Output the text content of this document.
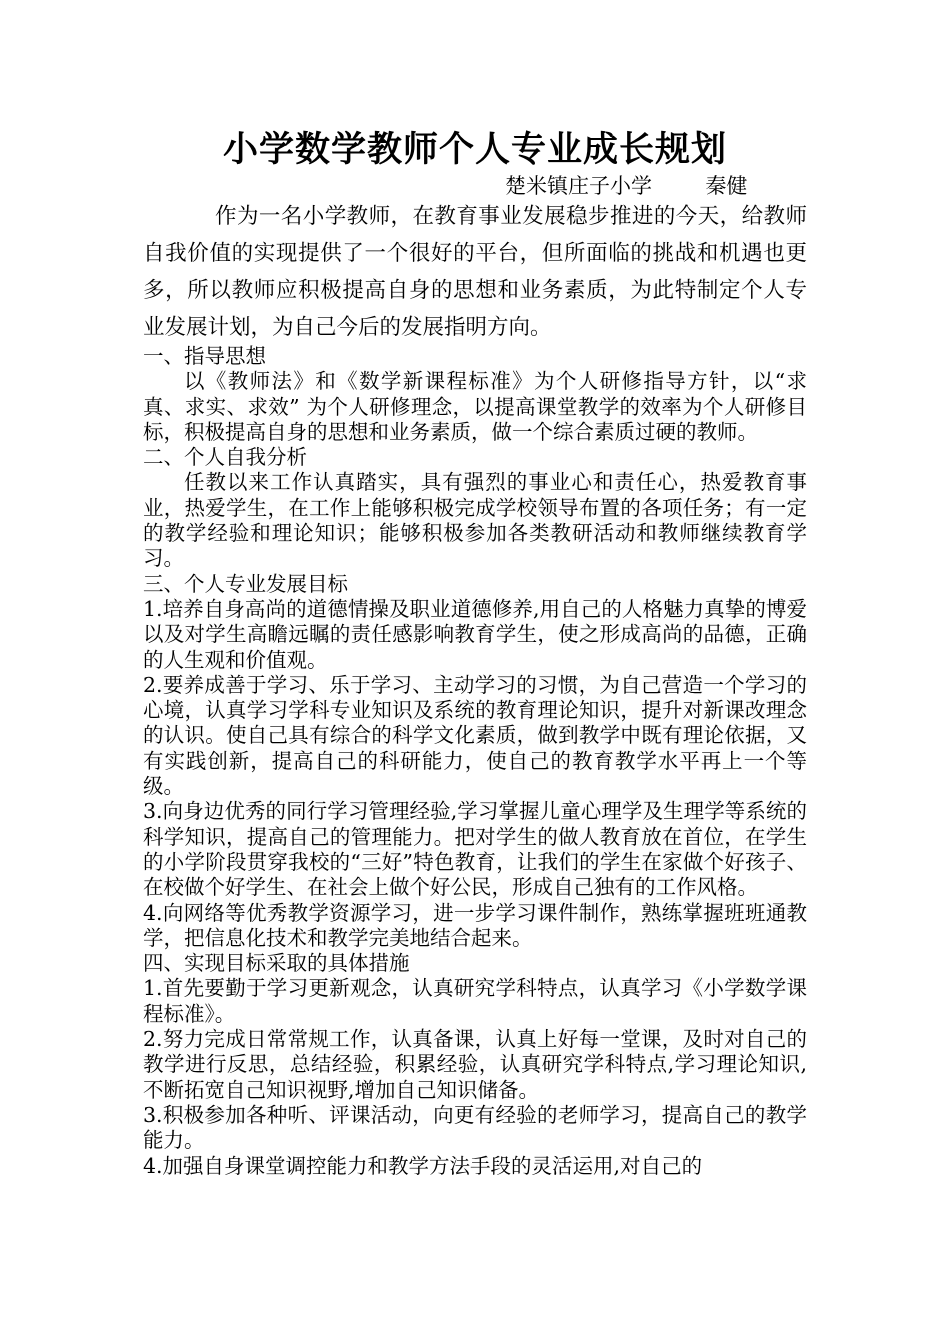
小学数学教师个人专业成长规划
楚米镇庄子小学        秦健

作为一名小学教师，在教育事业发展稳步推进的今天，给教师自我价值的实现提供了一个很好的平台，但所面临的挑战和机遇也更多，所以教师应积极提高自身的思想和业务素质，为此特制定个人专业发展计划，为自己今后的发展指明方向。

一、指导思想

以《教师法》和《数学新课程标准》为个人研修指导方针，以“求真、求实、求效” 为个人研修理念，以提高课堂教学的效率为个人研修目标，积极提高自身的思想和业务素质，做一个综合素质过硬的教师。

二、个人自我分析

任教以来工作认真踏实，具有强烈的事业心和责任心，热爱教育事业，热爱学生，在工作上能够积极完成学校领导布置的各项任务；有一定的教学经验和理论知识；能够积极参加各类教研活动和教师继续教育学习。

三、个人专业发展目标

1.培养自身高尚的道德情操及职业道德修养,用自己的人格魅力真挚的博爱以及对学生高瞻远瞩的责任感影响教育学生，使之形成高尚的品德，正确的人生观和价值观。

2.要养成善于学习、乐于学习、主动学习的习惯，为自己营造一个学习的心境，认真学习学科专业知识及系统的教育理论知识，提升对新课改理念的认识。使自己具有综合的科学文化素质，做到教学中既有理论依据，又有实践创新，提高自己的科研能力，使自己的教育教学水平再上一个等级。

3.向身边优秀的同行学习管理经验,学习掌握儿童心理学及生理学等系统的科学知识，提高自己的管理能力。把对学生的做人教育放在首位，在学生的小学阶段贯穿我校的“三好”特色教育，让我们的学生在家做个好孩子、在校做个好学生、在社会上做个好公民，形成自己独有的工作风格。

4.向网络等优秀教学资源学习，进一步学习课件制作，熟练掌握班班通教学，把信息化技术和教学完美地结合起来。

四、实现目标采取的具体措施

1.首先要勤于学习更新观念，认真研究学科特点，认真学习《小学数学课程标准》。

2.努力完成日常常规工作，认真备课，认真上好每一堂课，及时对自己的教学进行反思，总结经验，积累经验，认真研究学科特点,学习理论知识,不断拓宽自己知识视野,增加自己知识储备。

3.积极参加各种听、评课活动，向更有经验的老师学习，提高自己的教学能力。

4.加强自身课堂调控能力和教学方法手段的灵活运用,对自己的
